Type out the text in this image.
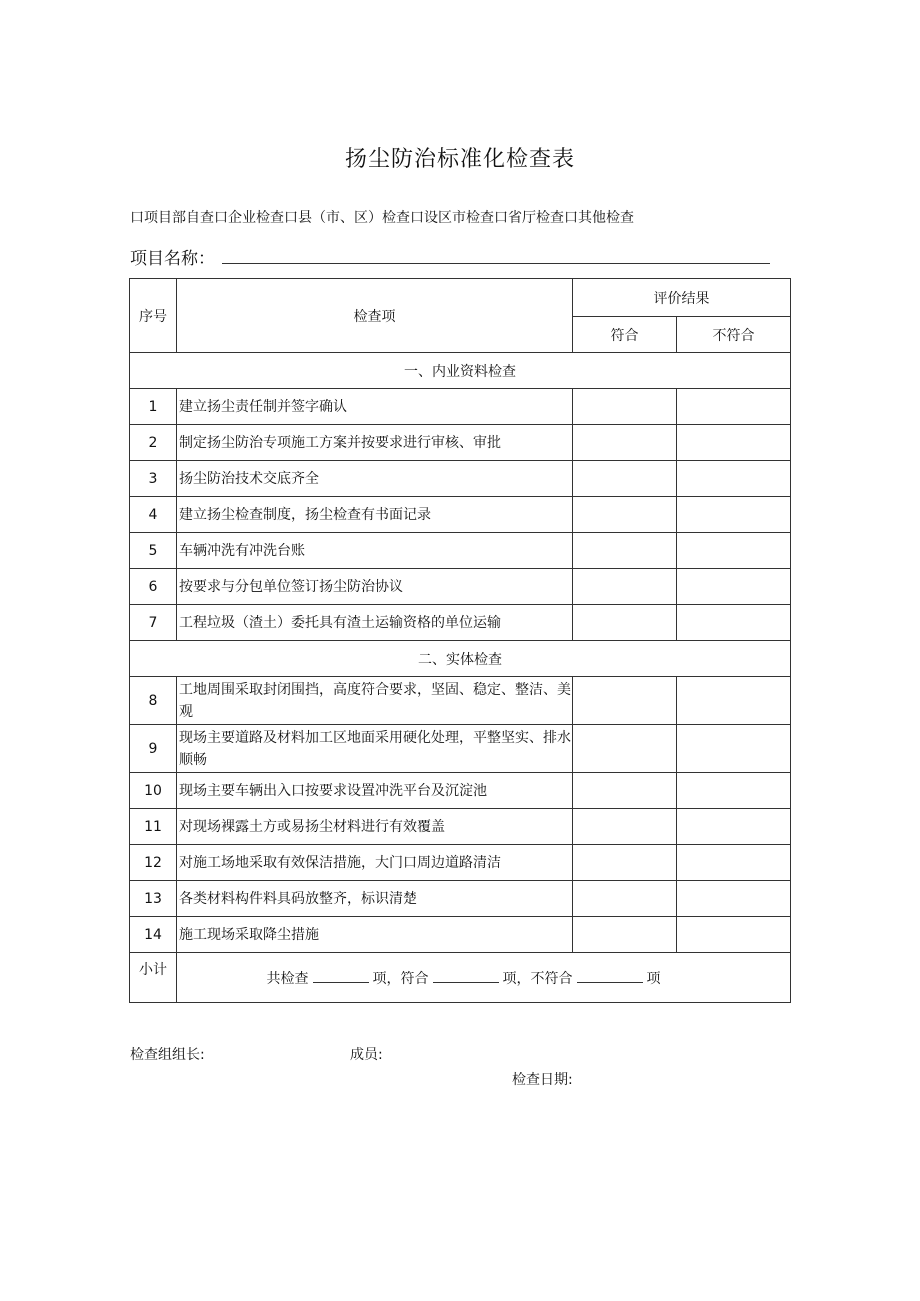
扬尘防治标准化检查表
口项目部自查口企业检查口县（市、区）检查口设区市检查口省厅检查口其他检查
项目名称：
序号	检查项	评价结果	
		符合	不符合
一、内业资料检查			
1	建立扬尘责任制并签字确认		
2	制定扬尘防治专项施工方案并按要求进行审核、审批		
3	扬尘防治技术交底齐全		
4	建立扬尘检查制度，扬尘检查有书面记录		
5	车辆冲洗有冲洗台账		
6	按要求与分包单位签订扬尘防治协议		
7	工程垃圾（渣土）委托具有渣土运输资格的单位运输		
二、实体检查			
8	工地周围采取封闭围挡，高度符合要求，坚固、稳定、整洁、美观		
9	现场主要道路及材料加工区地面采用硬化处理，平整坚实、排水顺畅		
10	现场主要车辆出入口按要求设置冲洗平台及沉淀池		
11	对现场裸露土方或易扬尘材料进行有效覆盖		
12	对施工场地采取有效保洁措施，大门口周边道路清洁		
13	各类材料构件料具码放整齐，标识清楚		
14	施工现场采取降尘措施		
小计	共检查 项，符合 项，不符合 项		
检查组组长:	成员:
检查日期:
